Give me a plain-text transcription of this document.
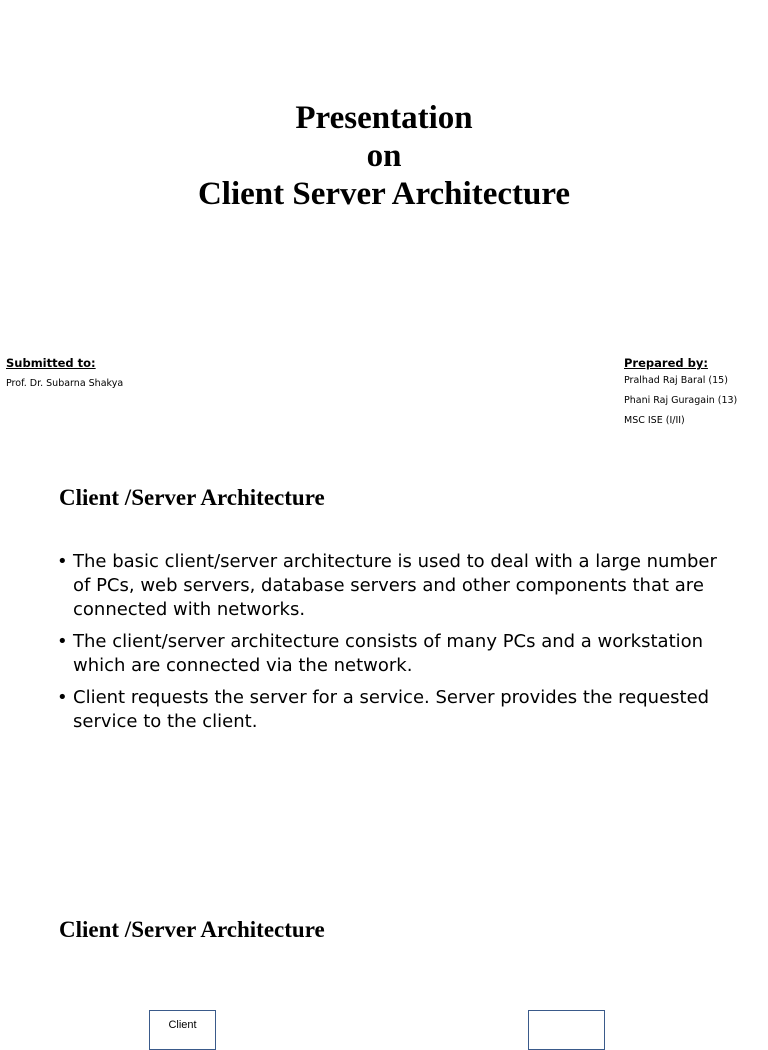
Presentation
on
Client Server Architecture
Submitted to:
Prof. Dr. Subarna Shakya
Prepared by:
Pralhad Raj Baral (15)
Phani Raj Guragain (13)
MSC ISE (I/II)
Client /Server Architecture
• The basic client/server architecture is used to deal with a large number of PCs, web servers, database servers and other components that are connected with networks.
• The client/server architecture consists of many PCs and a workstation which are connected via the network.
• Client requests the server for a service. Server provides the requested service to the client.
Client /Server Architecture
Client
